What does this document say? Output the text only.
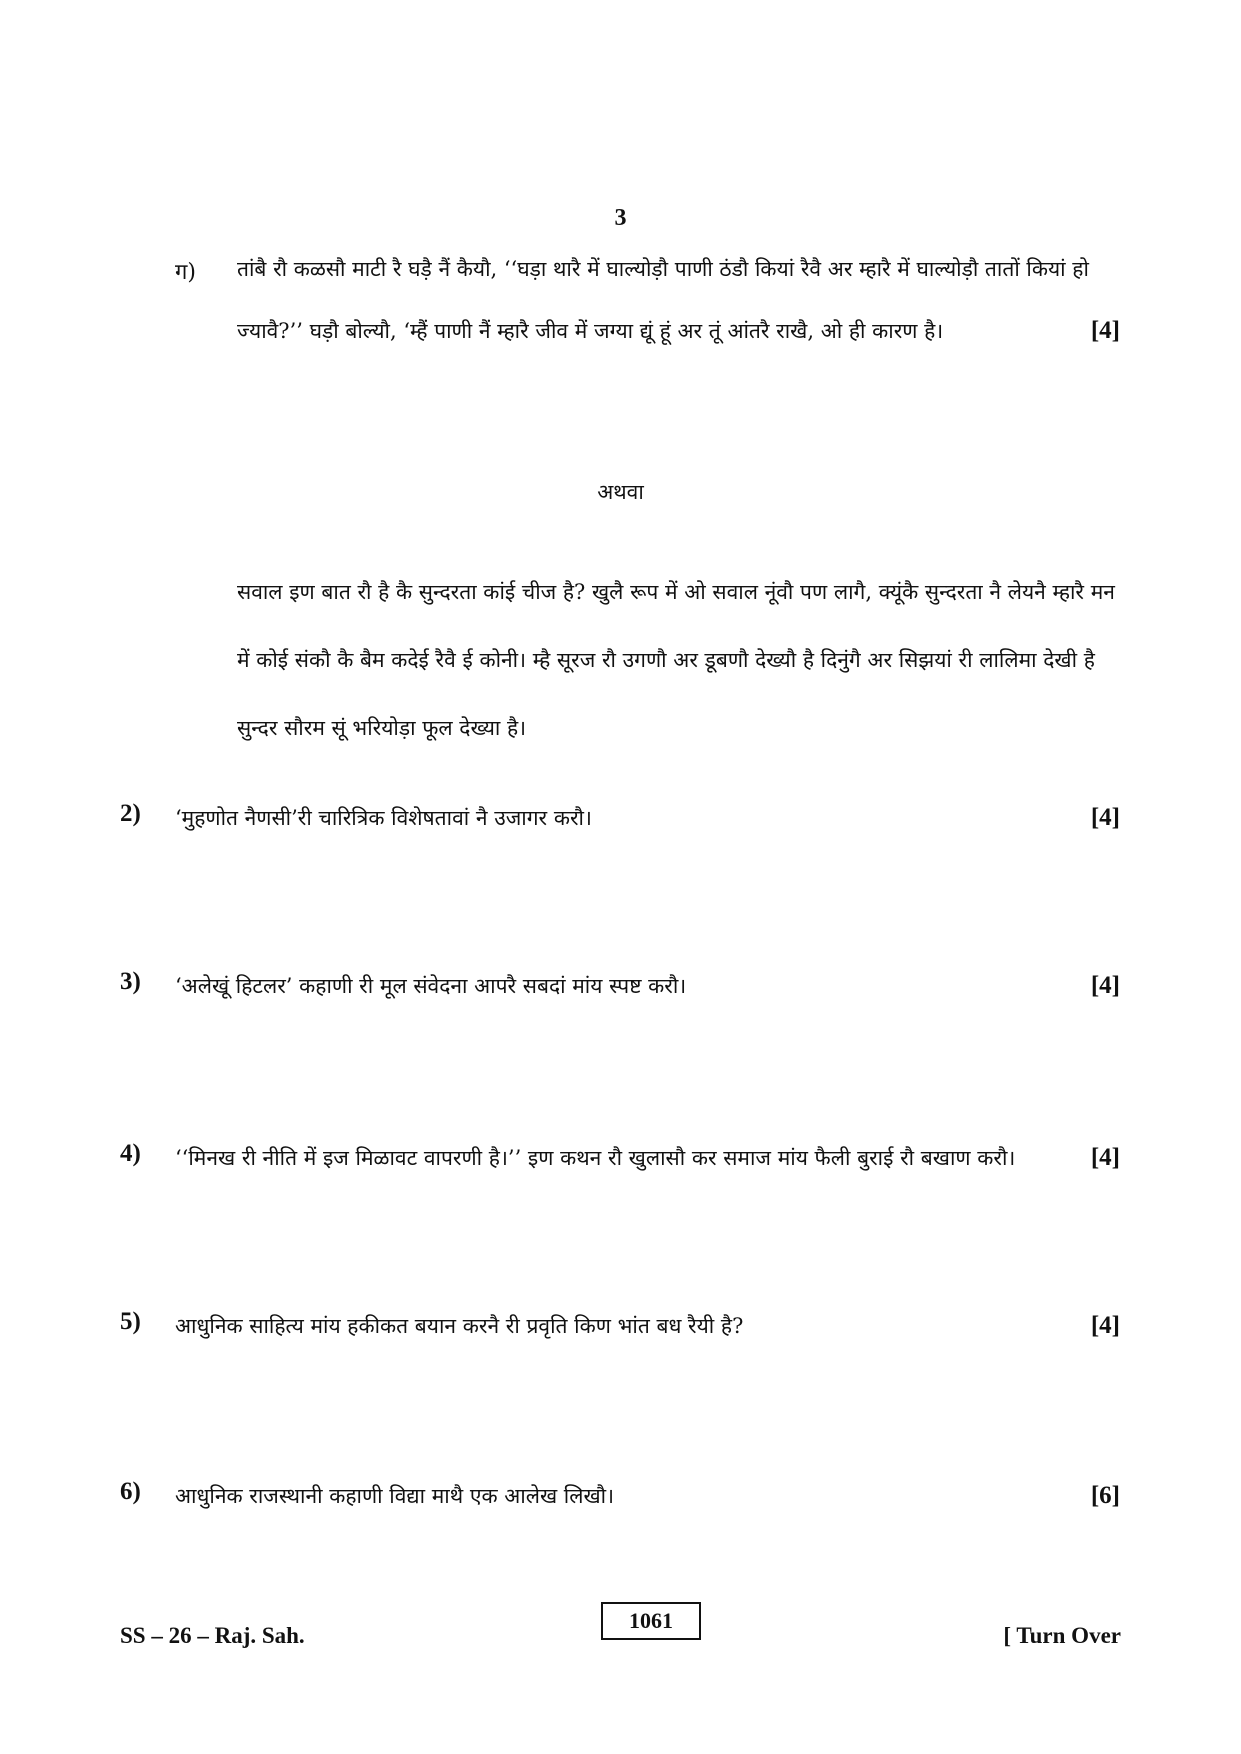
3
ग) तांबै रौ कळसौ माटी रै घड़ै नैं कैयौ, ‘‘घड़ा थारै में घाल्योड़ौ पाणी ठंडौ कियां रैवै अर म्हारै में घाल्योड़ौ तातों कियां हो ज्यावै?’’ घड़ौ बोल्यौ, ‘म्हैं पाणी नैं म्हारै जीव में जग्या द्यूं हूं अर तूं आंतरै राखै, ओ ही कारण है।	[4]
अथवा
सवाल इण बात रौ है कै सुन्दरता कांई चीज है? खुलै रूप में ओ सवाल नूंवौ पण लागै, क्यूंकै सुन्दरता नै लेयनै म्हारै मन में कोई संकौ कै बैम कदेई रैवै ई कोनी। म्है सूरज रौ उगणौ अर डूबणौ देख्यौ है दिनुंगै अर सिझयां री लालिमा देखी है सुन्दर सौरम सूं भरियोड़ा फूल देख्या है।
2) ‘मुहणोत नैणसी’री चारित्रिक विशेषतावां नै उजागर करौ।	[4]
3) ‘अलेखूं हिटलर’ कहाणी री मूल संवेदना आपरै सबदां मांय स्पष्ट करौ।	[4]
4) ‘‘मिनख री नीति में इज मिळावट वापरणी है।’’ इण कथन रौ खुलासौ कर समाज मांय फैली बुराई रौ बखाण करौ।	[4]
5) आधुनिक साहित्य मांय हकीकत बयान करनै री प्रवृति किण भांत बध रैयी है?	[4]
6) आधुनिक राजस्थानी कहाणी विद्या माथै एक आलेख लिखौ।	[6]
SS – 26 – Raj. Sah.
1061
[ Turn Over
